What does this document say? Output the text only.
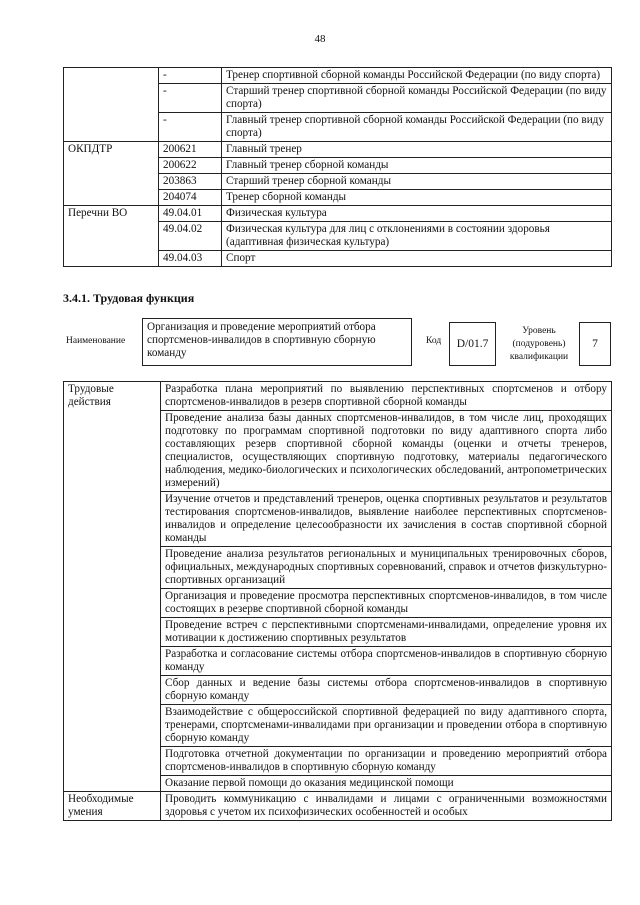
48
	-	Тренер спортивной сборной команды Российской Федерации (по виду спорта)
	-	Старший тренер спортивной сборной команды Российской Федерации (по виду спорта)
	-	Главный тренер спортивной сборной команды Российской Федерации (по виду спорта)
ОКПДТР	200621	Главный тренер
	200622	Главный тренер сборной команды
	203863	Старший тренер сборной команды
	204074	Тренер сборной команды
Перечни ВО	49.04.01	Физическая культура
	49.04.02	Физическая культура для лиц с отклонениями в состоянии здоровья (адаптивная физическая культура)
	49.04.03	Спорт
3.4.1. Трудовая функция
Наименование
Организация и проведение мероприятий отбора спортсменов-инвалидов в спортивную сборную команду
Код	D/01.7
Уровень (подуровень) квалификации
7
Трудовые действия	Разработка плана мероприятий по выявлению перспективных спортсменов и отбору спортсменов-инвалидов в резерв спортивной сборной команды
	Проведение анализа базы данных спортсменов-инвалидов, в том числе лиц, проходящих подготовку по программам спортивной подготовки по виду адаптивного спорта либо составляющих резерв спортивной сборной команды (оценки и отчеты тренеров, специалистов, осуществляющих спортивную подготовку, материалы педагогического наблюдения, медико-биологических и психологических обследований, антропометрических измерений)
	Изучение отчетов и представлений тренеров, оценка спортивных результатов и результатов тестирования спортсменов-инвалидов, выявление наиболее перспективных спортсменов-инвалидов и определение целесообразности их зачисления в состав спортивной сборной команды
	Проведение анализа результатов региональных и муниципальных тренировочных сборов, официальных, международных спортивных соревнований, справок и отчетов физкультурно-спортивных организаций
	Организация и проведение просмотра перспективных спортсменов-инвалидов, в том числе состоящих в резерве спортивной сборной команды
	Проведение встреч с перспективными спортсменами-инвалидами, определение уровня их мотивации к достижению спортивных результатов
	Разработка и согласование системы отбора спортсменов-инвалидов в спортивную сборную команду
	Сбор данных и ведение базы системы отбора спортсменов-инвалидов в спортивную сборную команду
	Взаимодействие с общероссийской спортивной федерацией по виду адаптивного спорта, тренерами, спортсменами-инвалидами при организации и проведении отбора в спортивную сборную команду
	Подготовка отчетной документации по организации и проведению мероприятий отбора спортсменов-инвалидов в спортивную сборную команду
	Оказание первой помощи до оказания медицинской помощи
Необходимые умения	Проводить коммуникацию с инвалидами и лицами с ограниченными возможностями здоровья с учетом их психофизических особенностей и особых
